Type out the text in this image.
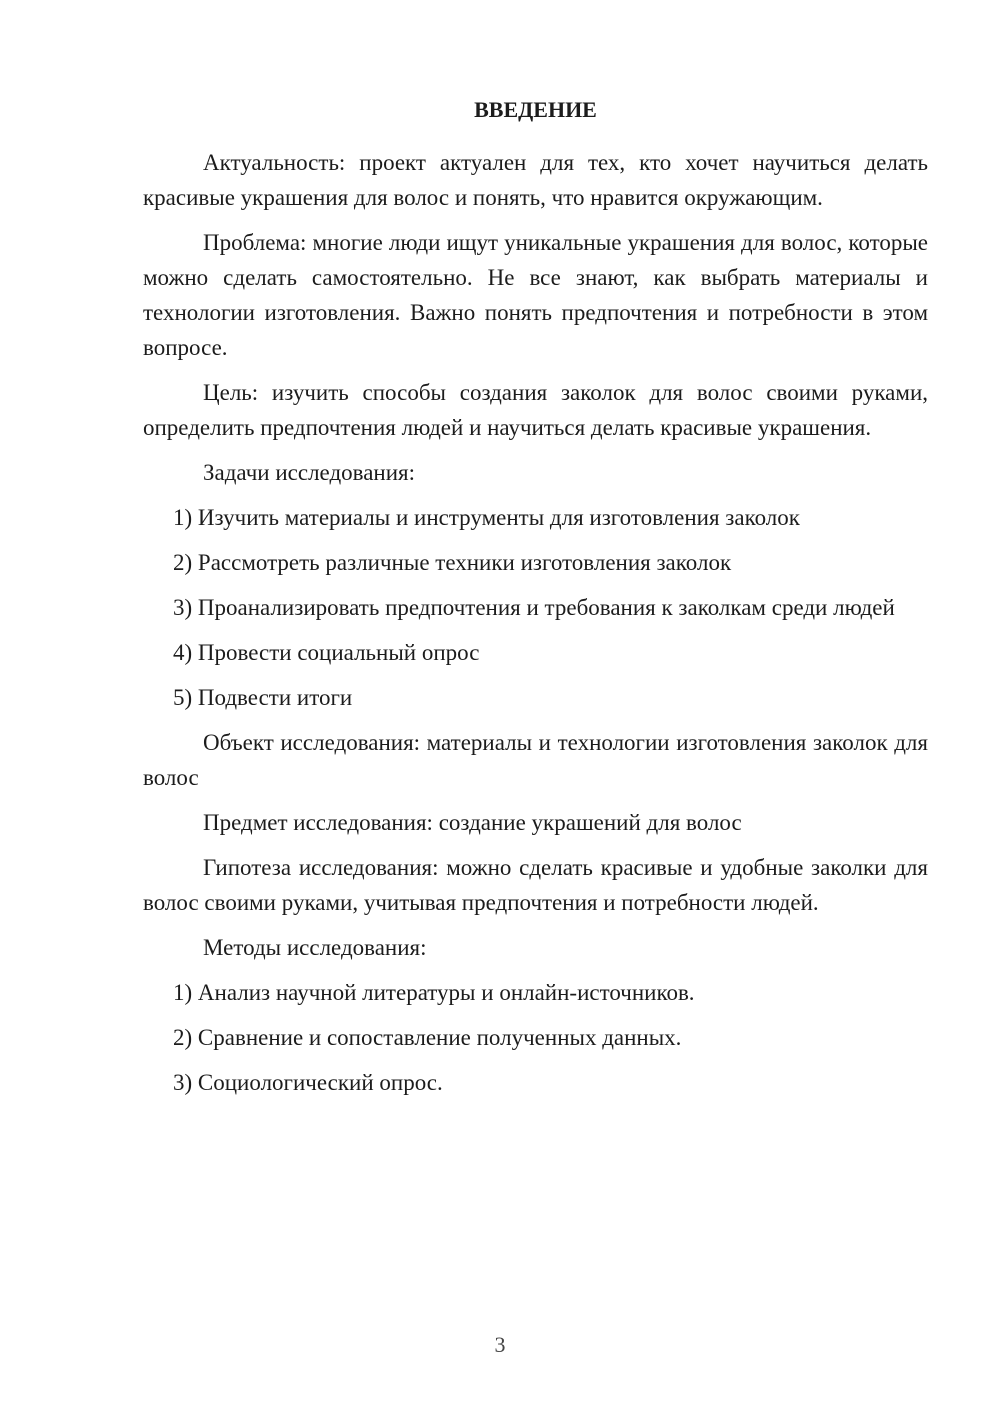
ВВЕДЕНИЕ
Актуальность: проект актуален для тех, кто хочет научиться делать красивые украшения для волос и понять, что нравится окружающим.
Проблема: многие люди ищут уникальные украшения для волос, которые можно сделать самостоятельно. Не все знают, как выбрать материалы и технологии изготовления. Важно понять предпочтения и потребности в этом вопросе.
Цель: изучить способы создания заколок для волос своими руками, определить предпочтения людей и научиться делать красивые украшения.
Задачи исследования:
1) Изучить материалы и инструменты для изготовления заколок
2) Рассмотреть различные техники изготовления заколок
3) Проанализировать предпочтения и требования к заколкам среди людей
4) Провести социальный опрос
5) Подвести итоги
Объект исследования: материалы и технологии изготовления заколок для волос
Предмет исследования: создание украшений для волос
Гипотеза исследования: можно сделать красивые и удобные заколки для волос своими руками, учитывая предпочтения и потребности людей.
Методы исследования:
1) Анализ научной литературы и онлайн-источников.
2) Сравнение и сопоставление полученных данных.
3) Социологический опрос.
3
